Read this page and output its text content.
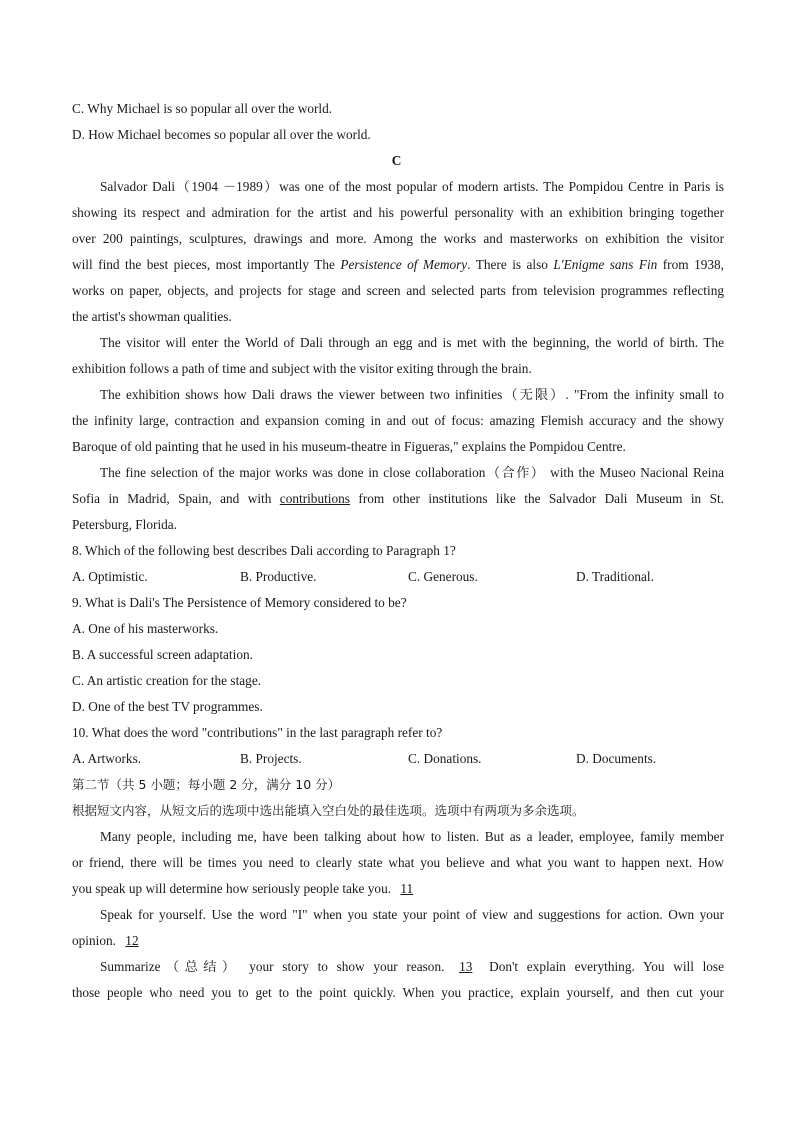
C. Why Michael is so popular all over the world.
D. How Michael becomes so popular all over the world.
C
Salvador Dali（1904 －1989）was one of the most popular of modern artists. The Pompidou Centre in Paris is
showing its respect and admiration for the artist and his powerful personality with an exhibition bringing together
over 200 paintings, sculptures, drawings and more. Among the works and masterworks on exhibition the visitor
will find the best pieces, most importantly The Persistence of Memory. There is also L'Enigme sans Fin from 1938,
works on paper, objects, and projects for stage and screen and selected parts from television programmes reflecting
the artist's showman qualities.
The visitor will enter the World of Dali through an egg and is met with the beginning, the world of birth. The
exhibition follows a path of time and subject with the visitor exiting through the brain.
The exhibition shows how Dali draws the viewer between two infinities（无限）. "From the infinity small to
the infinity large, contraction and expansion coming in and out of focus: amazing Flemish accuracy and the showy
Baroque of old painting that he used in his museum-theatre in Figueras," explains the Pompidou Centre.
The fine selection of the major works was done in close collaboration（合作） with the Museo Nacional Reina
Sofia in Madrid, Spain, and with contributions from other institutions like the Salvador Dali Museum in St.
Petersburg, Florida.
8. Which of the following best describes Dali according to Paragraph 1?
A. Optimistic.	B. Productive.	C. Generous.	D. Traditional.
9. What is Dali's The Persistence of Memory considered to be?
A. One of his masterworks.
B. A successful screen adaptation.
C. An artistic creation for the stage.
D. One of the best TV programmes.
10. What does the word "contributions" in the last paragraph refer to?
A. Artworks.	B. Projects.	C. Donations.	D. Documents.
第二节（共 5 小题；每小题 2 分，满分 10 分）
根据短文内容，从短文后的选项中选出能填入空白处的最佳选项。选项中有两项为多余选项。
Many people, including me, have been talking about how to listen. But as a leader, employee, family member
or friend, there will be times you need to clearly state what you believe and what you want to happen next. How
you speak up will determine how seriously people take you. 11
Speak for yourself. Use the word "I" when you state your point of view and suggestions for action. Own your
opinion. 12
Summarize（总结） your story to show your reason. 13 Don't explain everything. You will lose
those people who need you to get to the point quickly. When you practice, explain yourself, and then cut your
